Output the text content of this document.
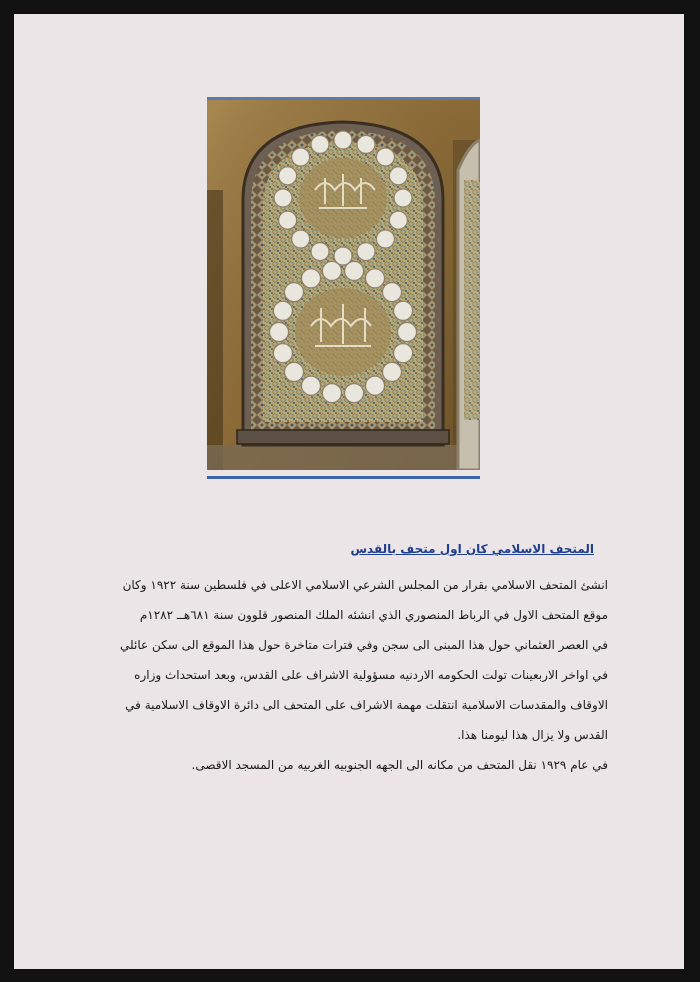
المتحف الاسلامي كان اول متحف بالقدس

انشئ المتحف الاسلامي بقرار من المجلس الشرعي الاسلامي الاعلى في فلسطين سنة ١٩٢٢ وكان

موقع المتحف الاول في الرباط المنصوري الذي انشئه الملك المنصور قلوون سنة ٦٨١هــ ١٢٨٢م

في العصر العثماني حول هذا المبنى الى سجن وفي فترات متاخرة حول هذا الموقع الى سكن عائلي

في اواخر الاربعينات تولت الحكومه الاردنيه مسؤولية الاشراف على القدس، وبعد استحداث وزاره

الاوقاف والمقدسات الاسلامية انتقلت مهمة الاشراف على المتحف الى دائرة الاوقاف الاسلامية في

القدس ولا يزال هذا ليومنا هذا.

في عام ١٩٢٩ نقل المتحف من مكانه الى الجهه الجنوبيه الغربيه من المسجد الاقصى.
